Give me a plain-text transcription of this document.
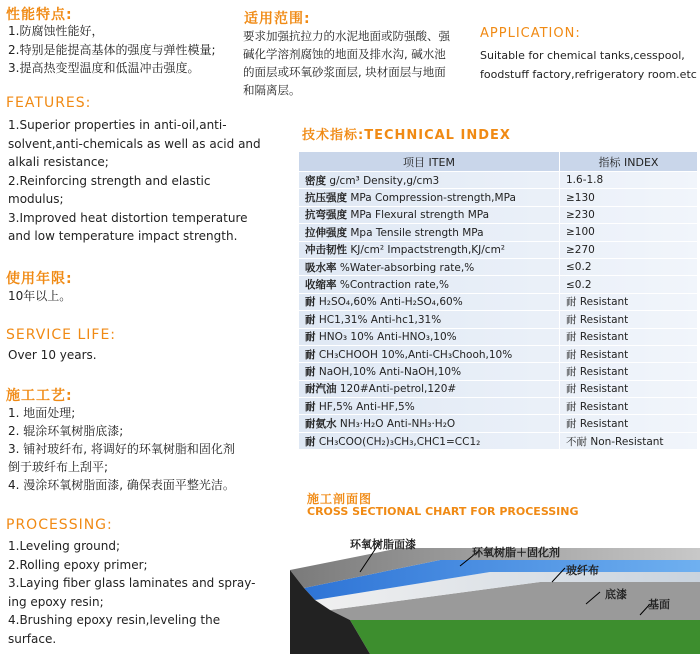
性能特点:
1.防腐蚀性能好，
2.特别是能提高基体的强度与弹性模量;
3.提高热变型温度和低温冲击强度。
FEATURES:
1.Superior properties in anti-oil,anti-
solvent,anti-chemicals as well as acid and
alkali resistance;
2.Reinforcing strength and elastic
modulus;
3.Improved heat distortion temperature
and low temperature impact strength.
使用年限:
10年以上。
SERVICE LIFE:
Over 10 years.
施工工艺:
1. 地面处理;
2. 辊涂环氧树脂底漆;
3. 铺衬玻纤布, 将调好的环氧树脂和固化剂
倒于玻纤布上刮平;
4. 漫涂环氧树脂面漆, 确保表面平整光洁。
PROCESSING:
1.Leveling ground;
2.Rolling epoxy primer;
3.Laying fiber glass laminates and spray-
ing epoxy resin;
4.Brushing epoxy resin,leveling the
surface.
适用范围:
要求加强抗拉力的水泥地面或防强酸、强
碱化学溶剂腐蚀的地面及排水沟, 碱水池
的面层或环氧砂浆面层, 块材面层与地面
和隔离层。
APPLICATION:
Suitable for chemical tanks,cesspool,
foodstuff factory,refrigeratory room.etc
技术指标:TECHNICAL INDEX
项目 ITEM	指标 INDEX
密度 g/cm³ Density,g/cm3	1.6-1.8
抗压强度 MPa Compression-strength,MPa	≥130
抗弯强度 MPa Flexural strength MPa	≥230
拉伸强度 Mpa Tensile strength MPa	≥100
冲击韧性 KJ/cm² Impactstrength,KJ/cm²	≥270
吸水率 %Water-absorbing rate,%	≤0.2
收缩率 %Contraction rate,%	≤0.2
耐 H₂SO₄,60% Anti-H₂SO₄,60%	耐 Resistant
耐 HC1,31% Anti-hc1,31%	耐 Resistant
耐 HNO₃ 10% Anti-HNO₃,10%	耐 Resistant
耐 CH₃CHOOH 10%,Anti-CH₃Chooh,10%	耐 Resistant
耐 NaOH,10% Anti-NaOH,10%	耐 Resistant
耐汽油 120#Anti-petrol,120#	耐 Resistant
耐 HF,5% Anti-HF,5%	耐 Resistant
耐氨水 NH₃·H₂O Anti-NH₃·H₂O	耐 Resistant
耐 CH₃COO(CH₂)₃CH₃,CHC1=CC1₂	不耐 Non-Resistant
施工剖面图
CROSS SECTIONAL CHART FOR PROCESSING
环氧树脂面漆
环氧树脂＋固化剂
玻纤布
底漆
基面
